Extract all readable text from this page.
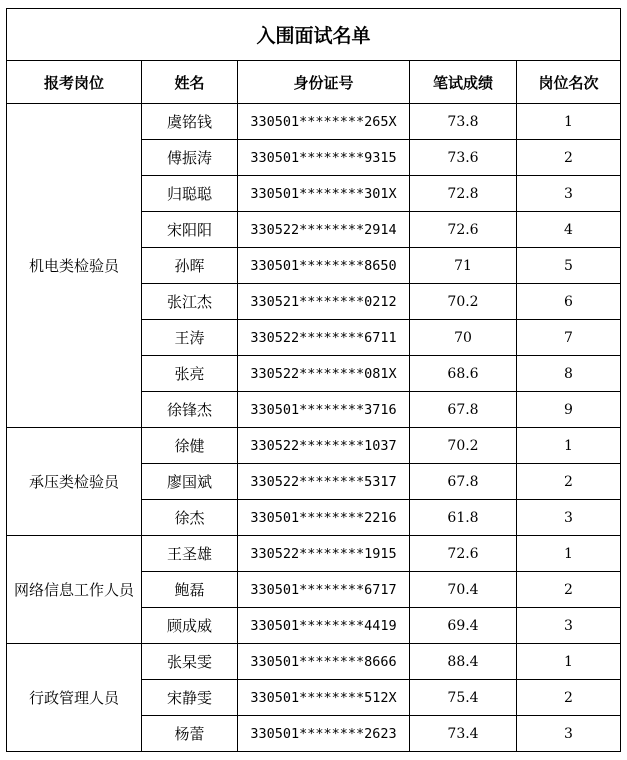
入围面试名单				
报考岗位	姓名	身份证号	笔试成绩	岗位名次
机电类检验员	虞铭钱	330501********265X	73.8	1
	傅振涛	330501********9315	73.6	2
	归聪聪	330501********301X	72.8	3
	宋阳阳	330522********2914	72.6	4
	孙晖	330501********8650	71	5
	张江杰	330521********0212	70.2	6
	王涛	330522********6711	70	7
	张亮	330522********081X	68.6	8
	徐锋杰	330501********3716	67.8	9
承压类检验员	徐健	330522********1037	70.2	1
	廖国斌	330522********5317	67.8	2
	徐杰	330501********2216	61.8	3
网络信息工作人员	王圣雄	330522********1915	72.6	1
	鲍磊	330501********6717	70.4	2
	顾成威	330501********4419	69.4	3
行政管理人员	张杲雯	330501********8666	88.4	1
	宋静雯	330501********512X	75.4	2
	杨蕾	330501********2623	73.4	3
